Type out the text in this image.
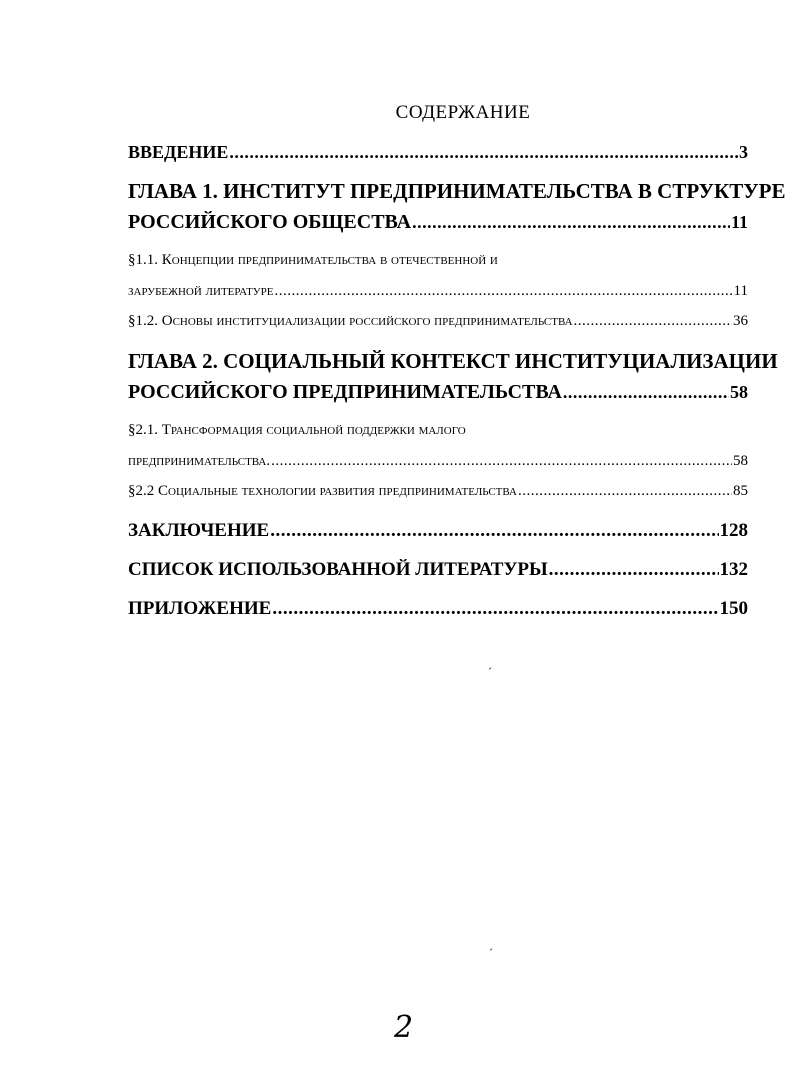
СОДЕРЖАНИЕ
ВВЕДЕНИЕ .....	3
ГЛАВА 1. ИНСТИТУТ ПРЕДПРИНИМАТЕЛЬСТВА В СТРУКТУРЕ
РОССИЙСКОГО ОБЩЕСТВА .....	11
§1.1. Концепции предпринимательства в отечественной и
зарубежной литературе .....	11
§1.2. Основы институциализации российского предпринимательства .....	36
ГЛАВА 2. СОЦИАЛЬНЫЙ КОНТЕКСТ ИНСТИТУЦИАЛИЗАЦИИ
РОССИЙСКОГО ПРЕДПРИНИМАТЕЛЬСТВА .....	58
§2.1. Трансформация социальной поддержки малого
предпринимательства. .....	58
§2.2 Социальные технологии развития предпринимательства .....	85
ЗАКЛЮЧЕНИЕ .....	128
СПИСОК ИСПОЛЬЗОВАННОЙ ЛИТЕРАТУРЫ .....	132
ПРИЛОЖЕНИЕ .....	150
ˊ
ˊ
2
